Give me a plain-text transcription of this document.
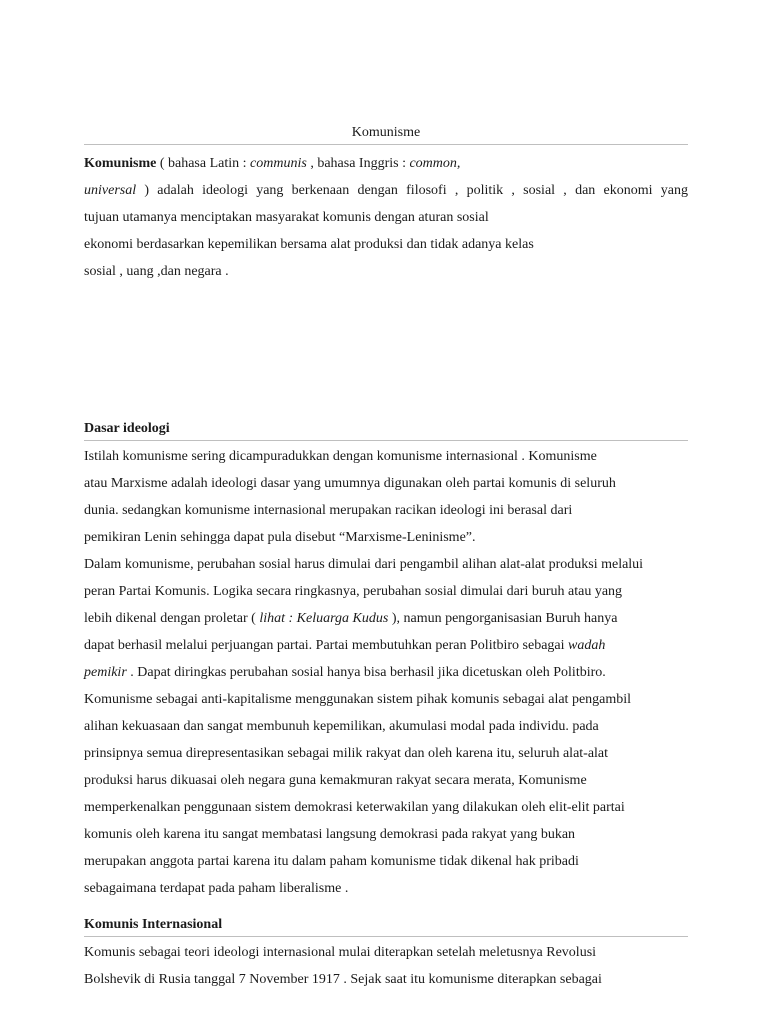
Komunisme
Komunisme ( bahasa Latin : communis , bahasa Inggris : common,
universal ) adalah ideologi yang berkenaan dengan filosofi , politik , sosial , dan ekonomi yang
tujuan utamanya menciptakan masyarakat komunis dengan aturan sosial
ekonomi berdasarkan kepemilikan bersama alat produksi dan tidak adanya kelas
sosial , uang ,dan negara .
Dasar ideologi
Istilah komunisme sering dicampuradukkan dengan komunisme internasional . Komunisme
atau Marxisme adalah ideologi dasar yang umumnya digunakan oleh partai komunis di seluruh
dunia. sedangkan komunisme internasional merupakan racikan ideologi ini berasal dari
pemikiran Lenin sehingga dapat pula disebut “Marxisme-Leninisme”.
Dalam komunisme, perubahan sosial harus dimulai dari pengambil alihan alat-alat produksi melalui
peran Partai Komunis. Logika secara ringkasnya, perubahan sosial dimulai dari buruh atau yang
lebih dikenal dengan proletar ( lihat : Keluarga Kudus ), namun pengorganisasian Buruh hanya
dapat berhasil melalui perjuangan partai. Partai membutuhkan peran Politbiro sebagai wadah
pemikir . Dapat diringkas perubahan sosial hanya bisa berhasil jika dicetuskan oleh Politbiro.
Komunisme sebagai anti-kapitalisme menggunakan sistem pihak komunis sebagai alat pengambil
alihan kekuasaan dan sangat membunuh kepemilikan, akumulasi modal pada individu. pada
prinsipnya semua direpresentasikan sebagai milik rakyat dan oleh karena itu, seluruh alat-alat
produksi harus dikuasai oleh negara guna kemakmuran rakyat secara merata, Komunisme
memperkenalkan penggunaan sistem demokrasi keterwakilan yang dilakukan oleh elit-elit partai
komunis oleh karena itu sangat membatasi langsung demokrasi pada rakyat yang bukan
merupakan anggota partai karena itu dalam paham komunisme tidak dikenal hak pribadi
sebagaimana terdapat pada paham liberalisme .
Komunis Internasional
Komunis sebagai teori ideologi internasional mulai diterapkan setelah meletusnya Revolusi
Bolshevik di Rusia tanggal 7 November 1917 . Sejak saat itu komunisme diterapkan sebagai
